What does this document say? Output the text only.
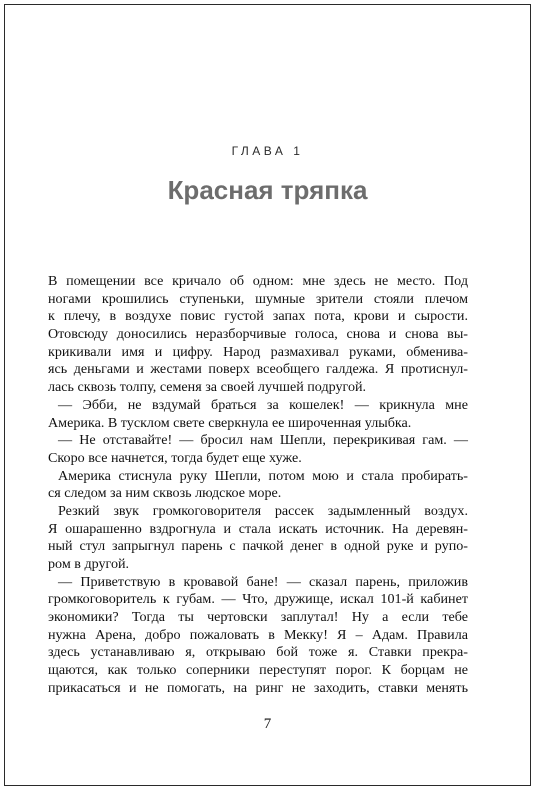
ГЛАВА 1
Красная тряпка
В помещении все кричало об одном: мне здесь не место. Под
ногами крошились ступеньки, шумные зрители стояли плечом
к плечу, в воздухе повис густой запах пота, крови и сырости.
Отовсюду доносились неразборчивые голоса, снова и снова вы-
крикивали имя и цифру. Народ размахивал руками, обменива-
ясь деньгами и жестами поверх всеобщего галдежа. Я протиснул-
лась сквозь толпу, семеня за своей лучшей подругой.
— Эбби, не вздумай браться за кошелек! — крикнула мне
Америка. В тусклом свете сверкнула ее широченная улыбка.
— Не отставайте! — бросил нам Шепли, перекрикивая гам. —
Скоро все начнется, тогда будет еще хуже.
Америка стиснула руку Шепли, потом мою и стала пробирать-
ся следом за ним сквозь людское море.
Резкий звук громкоговорителя рассек задымленный воздух.
Я ошарашенно вздрогнула и стала искать источник. На деревян-
ный стул запрыгнул парень с пачкой денег в одной руке и рупо-
ром в другой.
— Приветствую в кровавой бане! — сказал парень, приложив
громкоговоритель к губам. — Что, дружище, искал 101-й кабинет
экономики? Тогда ты чертовски заплутал! Ну а если тебе
нужна Арена, добро пожаловать в Мекку! Я – Адам. Правила
здесь устанавливаю я, открываю бой тоже я. Ставки прекра-
щаются, как только соперники переступят порог. К борцам не
прикасаться и не помогать, на ринг не заходить, ставки менять
7
